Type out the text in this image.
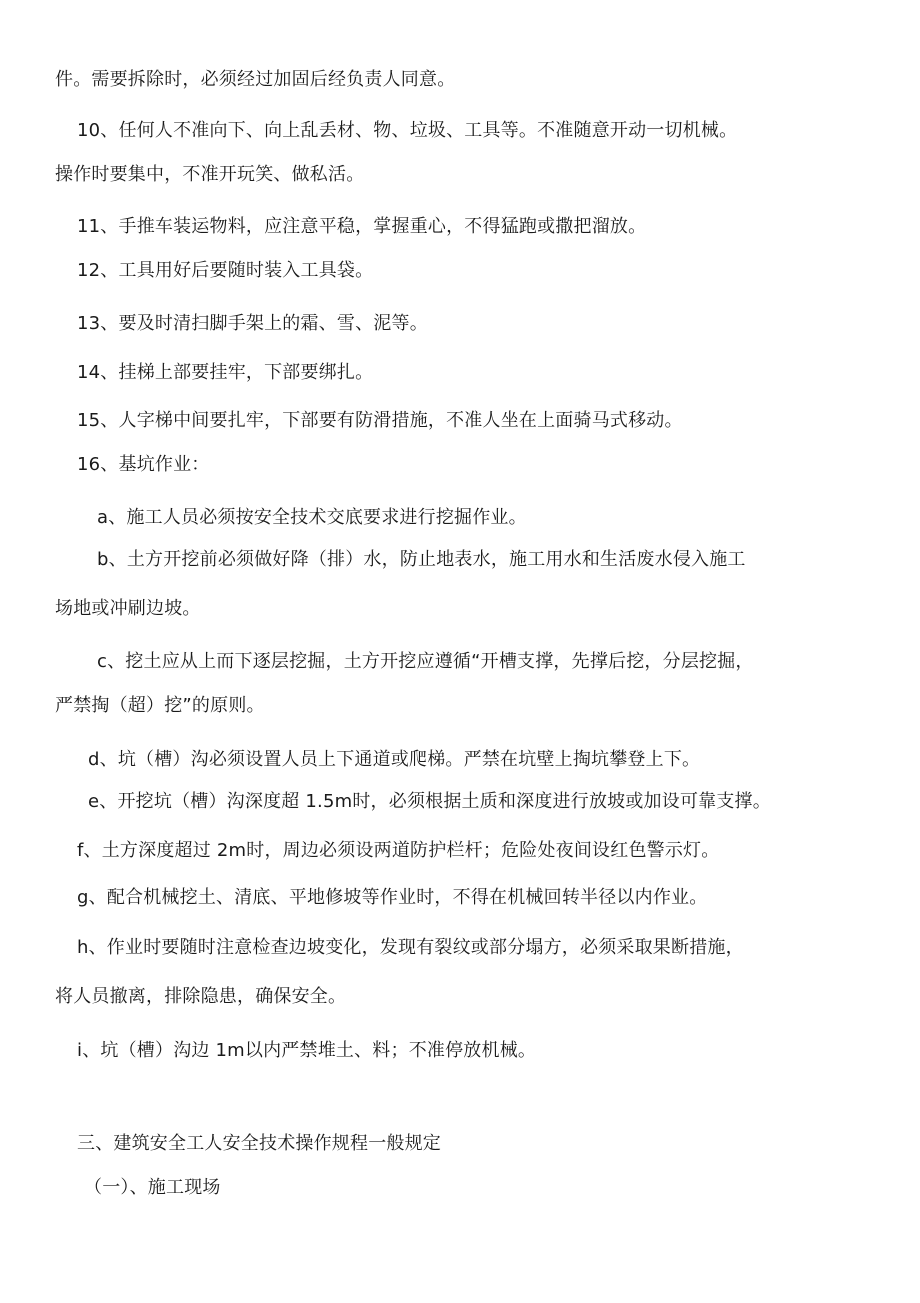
件。需要拆除时，必须经过加固后经负责人同意。
10、任何人不准向下、向上乱丢材、物、垃圾、工具等。不准随意开动一切机械。
操作时要集中，不准开玩笑、做私活。
11、手推车装运物料，应注意平稳，掌握重心，不得猛跑或撒把溜放。
12、工具用好后要随时装入工具袋。
13、要及时清扫脚手架上的霜、雪、泥等。
14、挂梯上部要挂牢，下部要绑扎。
15、人字梯中间要扎牢，下部要有防滑措施，不准人坐在上面骑马式移动。
16、基坑作业：
a、施工人员必须按安全技术交底要求进行挖掘作业。
b、土方开挖前必须做好降（排）水，防止地表水，施工用水和生活废水侵入施工
场地或冲刷边坡。
c、挖土应从上而下逐层挖掘，土方开挖应遵循“开槽支撑，先撑后挖，分层挖掘，
严禁掏（超）挖”的原则。
d、坑（槽）沟必须设置人员上下通道或爬梯。严禁在坑壁上掏坑攀登上下。
e、开挖坑（槽）沟深度超 1.5m时，必须根据土质和深度进行放坡或加设可靠支撑。
f、土方深度超过 2m时，周边必须设两道防护栏杆；危险处夜间设红色警示灯。
g、配合机械挖土、清底、平地修坡等作业时，不得在机械回转半径以内作业。
h、作业时要随时注意检查边坡变化，发现有裂纹或部分塌方，必须采取果断措施，
将人员撤离，排除隐患，确保安全。
i、坑（槽）沟边 1m以内严禁堆土、料；不准停放机械。
三、建筑安全工人安全技术操作规程一般规定
（一）、施工现场
